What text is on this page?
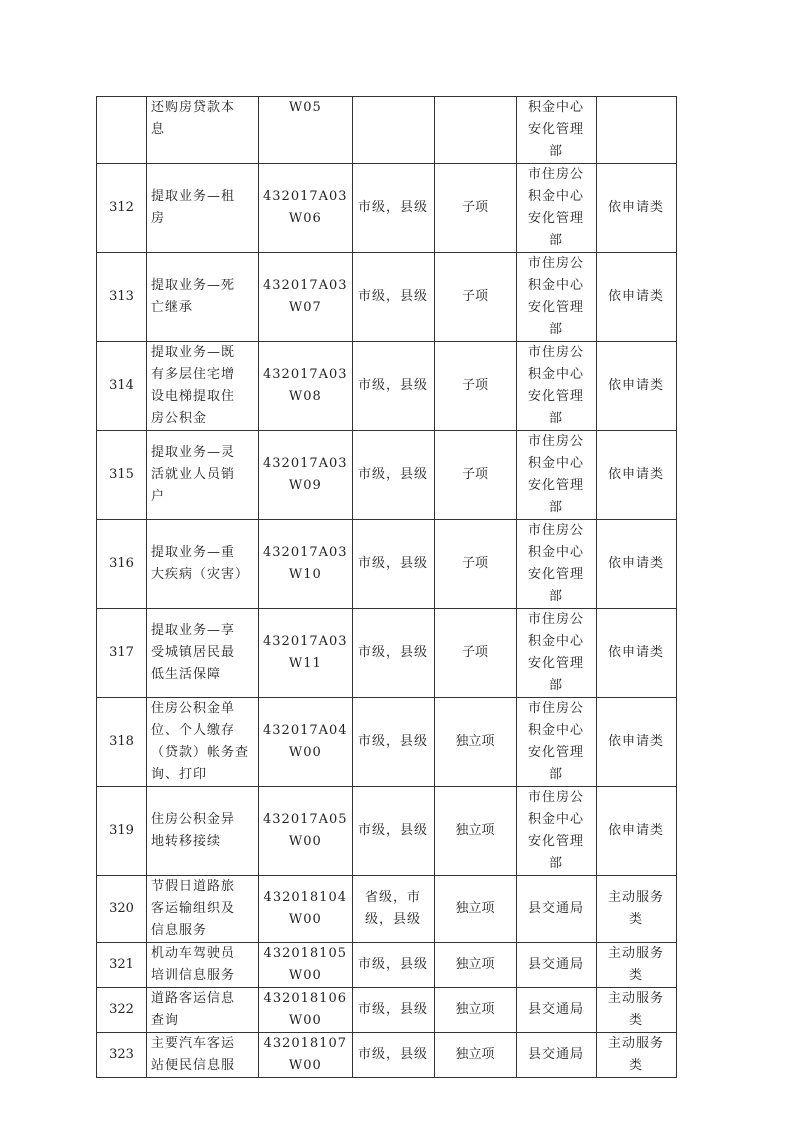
	还购房贷款本
息	W05			积金中心
安化管理
部	
312	提取业务—租
房	432017A03
W06	市级，县级	子项	市住房公
积金中心
安化管理
部	依申请类
313	提取业务—死
亡继承	432017A03
W07	市级，县级	子项	市住房公
积金中心
安化管理
部	依申请类
314	提取业务—既
有多层住宅增
设电梯提取住
房公积金	432017A03
W08	市级，县级	子项	市住房公
积金中心
安化管理
部	依申请类
315	提取业务—灵
活就业人员销
户	432017A03
W09	市级，县级	子项	市住房公
积金中心
安化管理
部	依申请类
316	提取业务—重
大疾病（灾害）	432017A03
W10	市级，县级	子项	市住房公
积金中心
安化管理
部	依申请类
317	提取业务—享
受城镇居民最
低生活保障	432017A03
W11	市级，县级	子项	市住房公
积金中心
安化管理
部	依申请类
318	住房公积金单
位、个人缴存
（贷款）帐务查
询、打印	432017A04
W00	市级，县级	独立项	市住房公
积金中心
安化管理
部	依申请类
319	住房公积金异
地转移接续	432017A05
W00	市级，县级	独立项	市住房公
积金中心
安化管理
部	依申请类
320	节假日道路旅
客运输组织及
信息服务	432018104
W00	省级，市
级，县级	独立项	县交通局	主动服务
类
321	机动车驾驶员
培训信息服务	432018105
W00	市级，县级	独立项	县交通局	主动服务
类
322	道路客运信息
查询	432018106
W00	市级，县级	独立项	县交通局	主动服务
类
323	主要汽车客运
站便民信息服	432018107
W00	市级，县级	独立项	县交通局	主动服务
类
